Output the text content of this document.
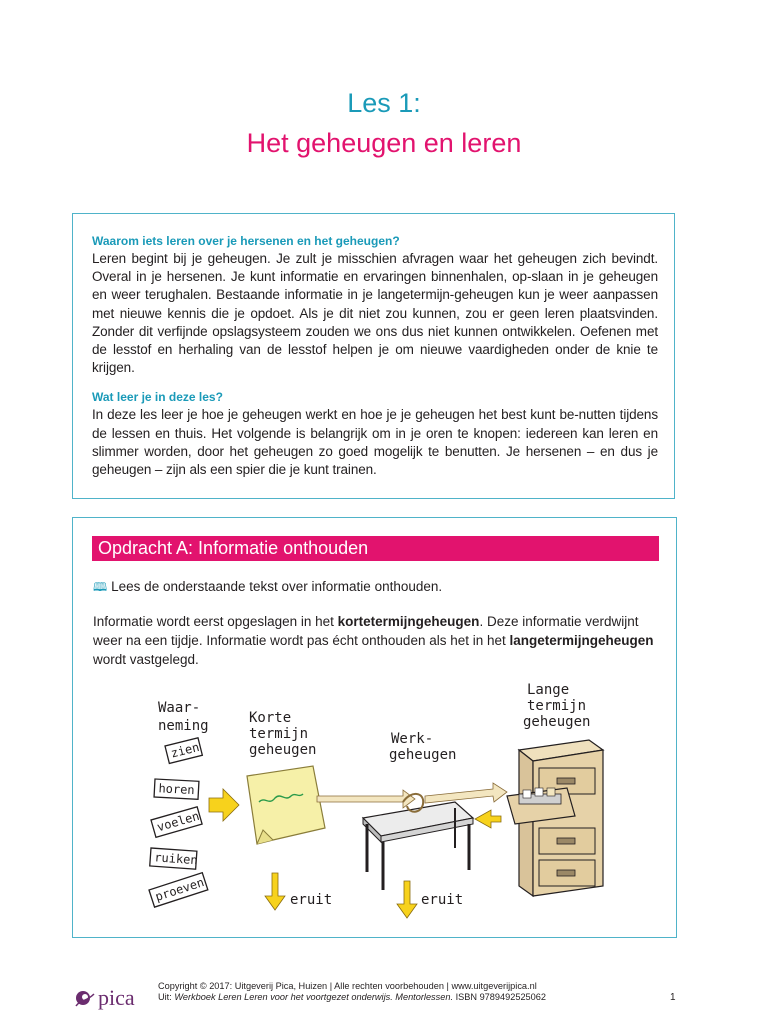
Les 1:
Het geheugen en leren
Waarom iets leren over je hersenen en het geheugen?

Leren begint bij je geheugen. Je zult je misschien afvragen waar het geheugen zich bevindt. Overal in je hersenen. Je kunt informatie en ervaringen binnenhalen, op-slaan in je geheugen en weer terughalen. Bestaande informatie in je langetermijn-geheugen kun je weer aanpassen met nieuwe kennis die je opdoet. Als je dit niet zou kunnen, zou er geen leren plaatsvinden. Zonder dit verfijnde opslagsysteem zouden we ons dus niet kunnen ontwikkelen. Oefenen met de lesstof en herhaling van de lesstof helpen je om nieuwe vaardigheden onder de knie te krijgen.

Wat leer je in deze les?

In deze les leer je hoe je geheugen werkt en hoe je je geheugen het best kunt be-nutten tijdens de lessen en thuis. Het volgende is belangrijk om in je oren te knopen: iedereen kan leren en slimmer worden, door het geheugen zo goed mogelijk te benutten. Je hersenen – en dus je geheugen – zijn als een spier die je kunt trainen.

Opdracht A: Informatie onthouden
🕮 Lees de onderstaande tekst over informatie onthouden.
Informatie wordt eerst opgeslagen in het kortetermijngeheugen. Deze informatie verdwijnt weer na een tijdje. Informatie wordt pas écht onthouden als het in het langetermijngeheugen wordt vastgelegd.
Waar-
neming
zien
horen
voelen
ruiken
proeven
Korte
termijn
geheugen
Werk-
geheugen
Lange
termijn
geheugen
eruit	eruit
pica	Copyright © 2017: Uitgeverij Pica, Huizen | Alle rechten voorbehouden | www.uitgeverijpica.nl
Uit: Werkboek Leren Leren voor het voortgezet onderwijs. Mentorlessen. ISBN 9789492525062	1
